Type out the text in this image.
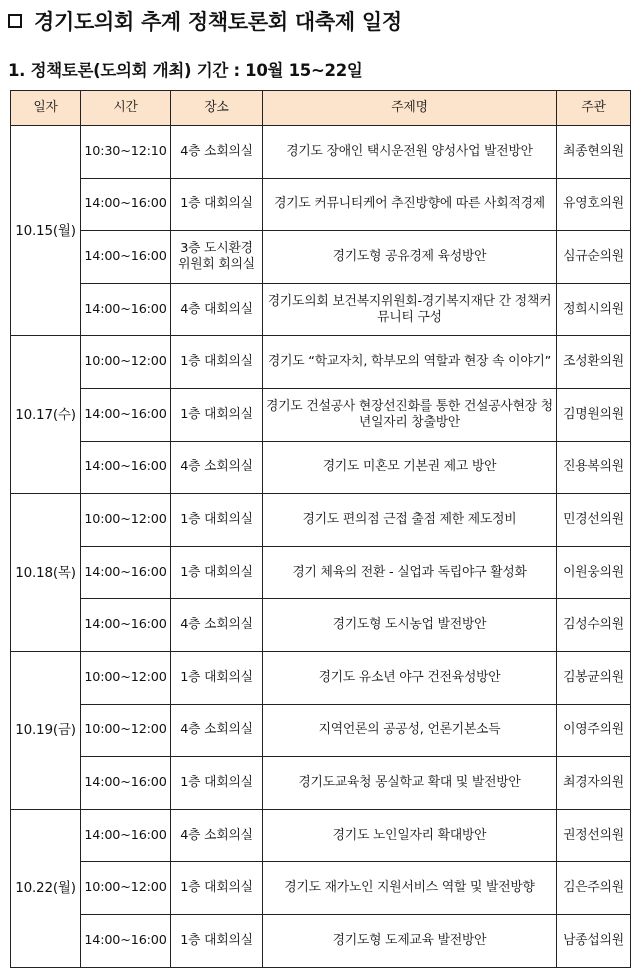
경기도의회 추계 정책토론회 대축제 일정
1. 정책토론(도의회 개최) 기간 : 10월 15~22일
일자	시간	장소	주제명	주관
10.15(월)	10:30~12:10	4층 소회의실	경기도 장애인 택시운전원 양성사업 발전방안	최종현의원
	14:00~16:00	1층 대회의실	경기도 커뮤니티케어 추진방향에 따른 사회적경제	유영호의원
	14:00~16:00	3층 도시환경 위원회 회의실	경기도형 공유경제 육성방안	심규순의원
	14:00~16:00	4층 대회의실	경기도의회 보건복지위원회-경기복지재단 간 정책커뮤니티 구성	정희시의원
10.17(수)	10:00~12:00	1층 대회의실	경기도 “학교자치, 학부모의 역할과 현장 속 이야기”	조성환의원
	14:00~16:00	1층 대회의실	경기도 건설공사 현장선진화를 통한 건설공사현장 청년일자리 창출방안	김명원의원
	14:00~16:00	4층 소회의실	경기도 미혼모 기본권 제고 방안	진용복의원
10.18(목)	10:00~12:00	1층 대회의실	경기도 편의점 근접 출점 제한 제도정비	민경선의원
	14:00~16:00	1층 대회의실	경기 체육의 전환 - 실업과 독립야구 활성화	이원웅의원
	14:00~16:00	4층 소회의실	경기도형 도시농업 발전방안	김성수의원
10.19(금)	10:00~12:00	1층 대회의실	경기도 유소년 야구 건전육성방안	김봉균의원
	10:00~12:00	4층 소회의실	지역언론의 공공성, 언론기본소득	이영주의원
	14:00~16:00	1층 대회의실	경기도교육청 몽실학교 확대 및 발전방안	최경자의원
10.22(월)	14:00~16:00	4층 소회의실	경기도 노인일자리 확대방안	권정선의원
	10:00~12:00	1층 대회의실	경기도 재가노인 지원서비스 역할 및 발전방향	김은주의원
	14:00~16:00	1층 대회의실	경기도형 도제교육 발전방안	남종섭의원
